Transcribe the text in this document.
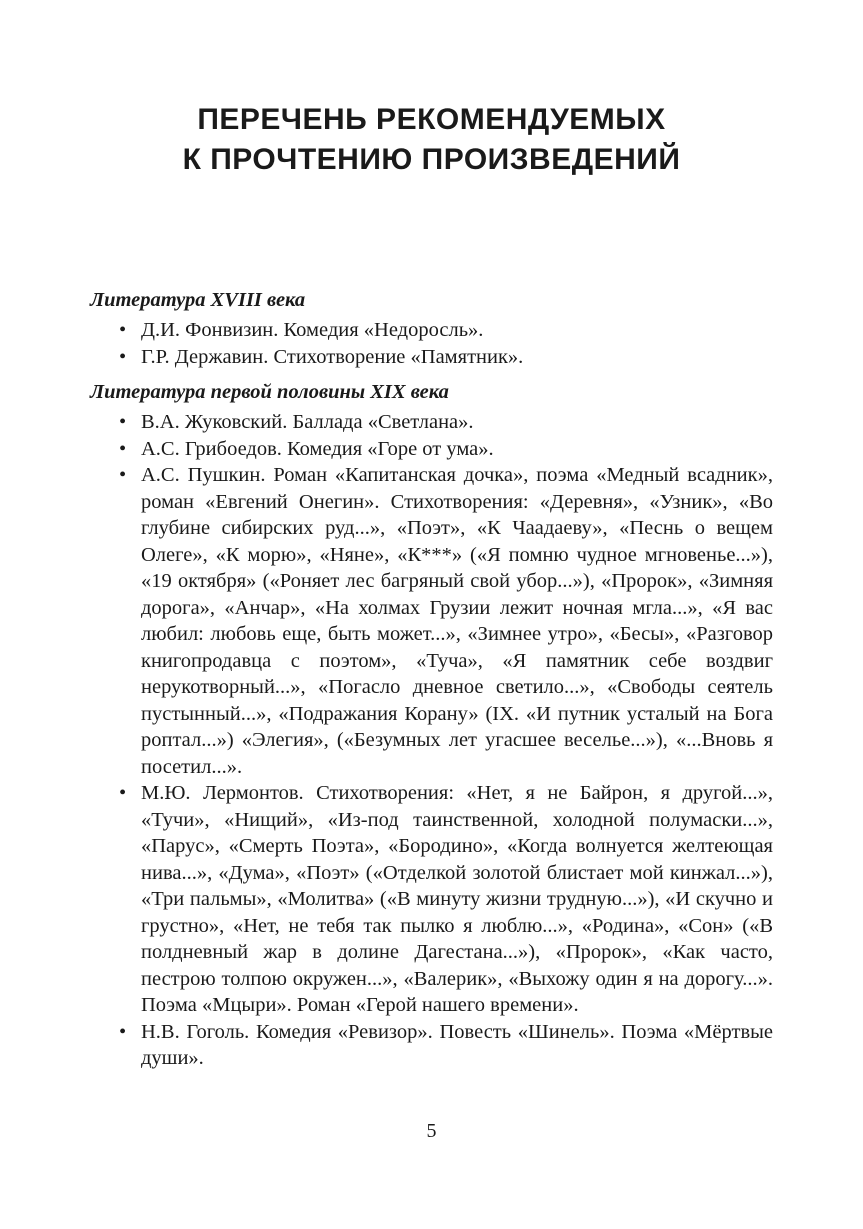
ПЕРЕЧЕНЬ РЕКОМЕНДУЕМЫХ
К ПРОЧТЕНИЮ ПРОИЗВЕДЕНИЙ

Литература XVIII века

• Д.И. Фонвизин. Комедия «Недоросль».
• Г.Р. Державин. Стихотворение «Памятник».

Литература первой половины XIX века

• В.А. Жуковский. Баллада «Светлана».
• А.С. Грибоедов. Комедия «Горе от ума».
• А.С. Пушкин. Роман «Капитанская дочка», поэма «Медный всадник», роман «Евгений Онегин». Стихотворения: «Деревня», «Узник», «Во глубине сибирских руд...», «Поэт», «К Чаадаеву», «Песнь о вещем Олеге», «К морю», «Няне», «К***» («Я помню чудное мгновенье...»), «19 октября» («Роняет лес багряный свой убор...»), «Пророк», «Зимняя дорога», «Анчар», «На холмах Грузии лежит ночная мгла...», «Я вас любил: любовь еще, быть может...», «Зимнее утро», «Бесы», «Разговор книгопродавца с поэтом», «Туча», «Я памятник себе воздвиг нерукотворный...», «Погасло дневное светило...», «Свободы сеятель пустынный...», «Подражания Корану» (IX. «И путник усталый на Бога роптал...») «Элегия», («Безумных лет угасшее веселье...»), «...Вновь я посетил...».
• М.Ю. Лермонтов. Стихотворения: «Нет, я не Байрон, я другой...», «Тучи», «Нищий», «Из-под таинственной, холодной полумаски...», «Парус», «Смерть Поэта», «Бородино», «Когда волнуется желтеющая нива...», «Дума», «Поэт» («Отделкой золотой блистает мой кинжал...»), «Три пальмы», «Молитва» («В минуту жизни трудную...»), «И скучно и грустно», «Нет, не тебя так пылко я люблю...», «Родина», «Сон» («В полдневный жар в долине Дагестана...»), «Пророк», «Как часто, пестрою толпою окружен...», «Валерик», «Выхожу один я на дорогу...». Поэма «Мцыри». Роман «Герой нашего времени».
• Н.В. Гоголь. Комедия «Ревизор». Повесть «Шинель». Поэма «Мёртвые души».
5
